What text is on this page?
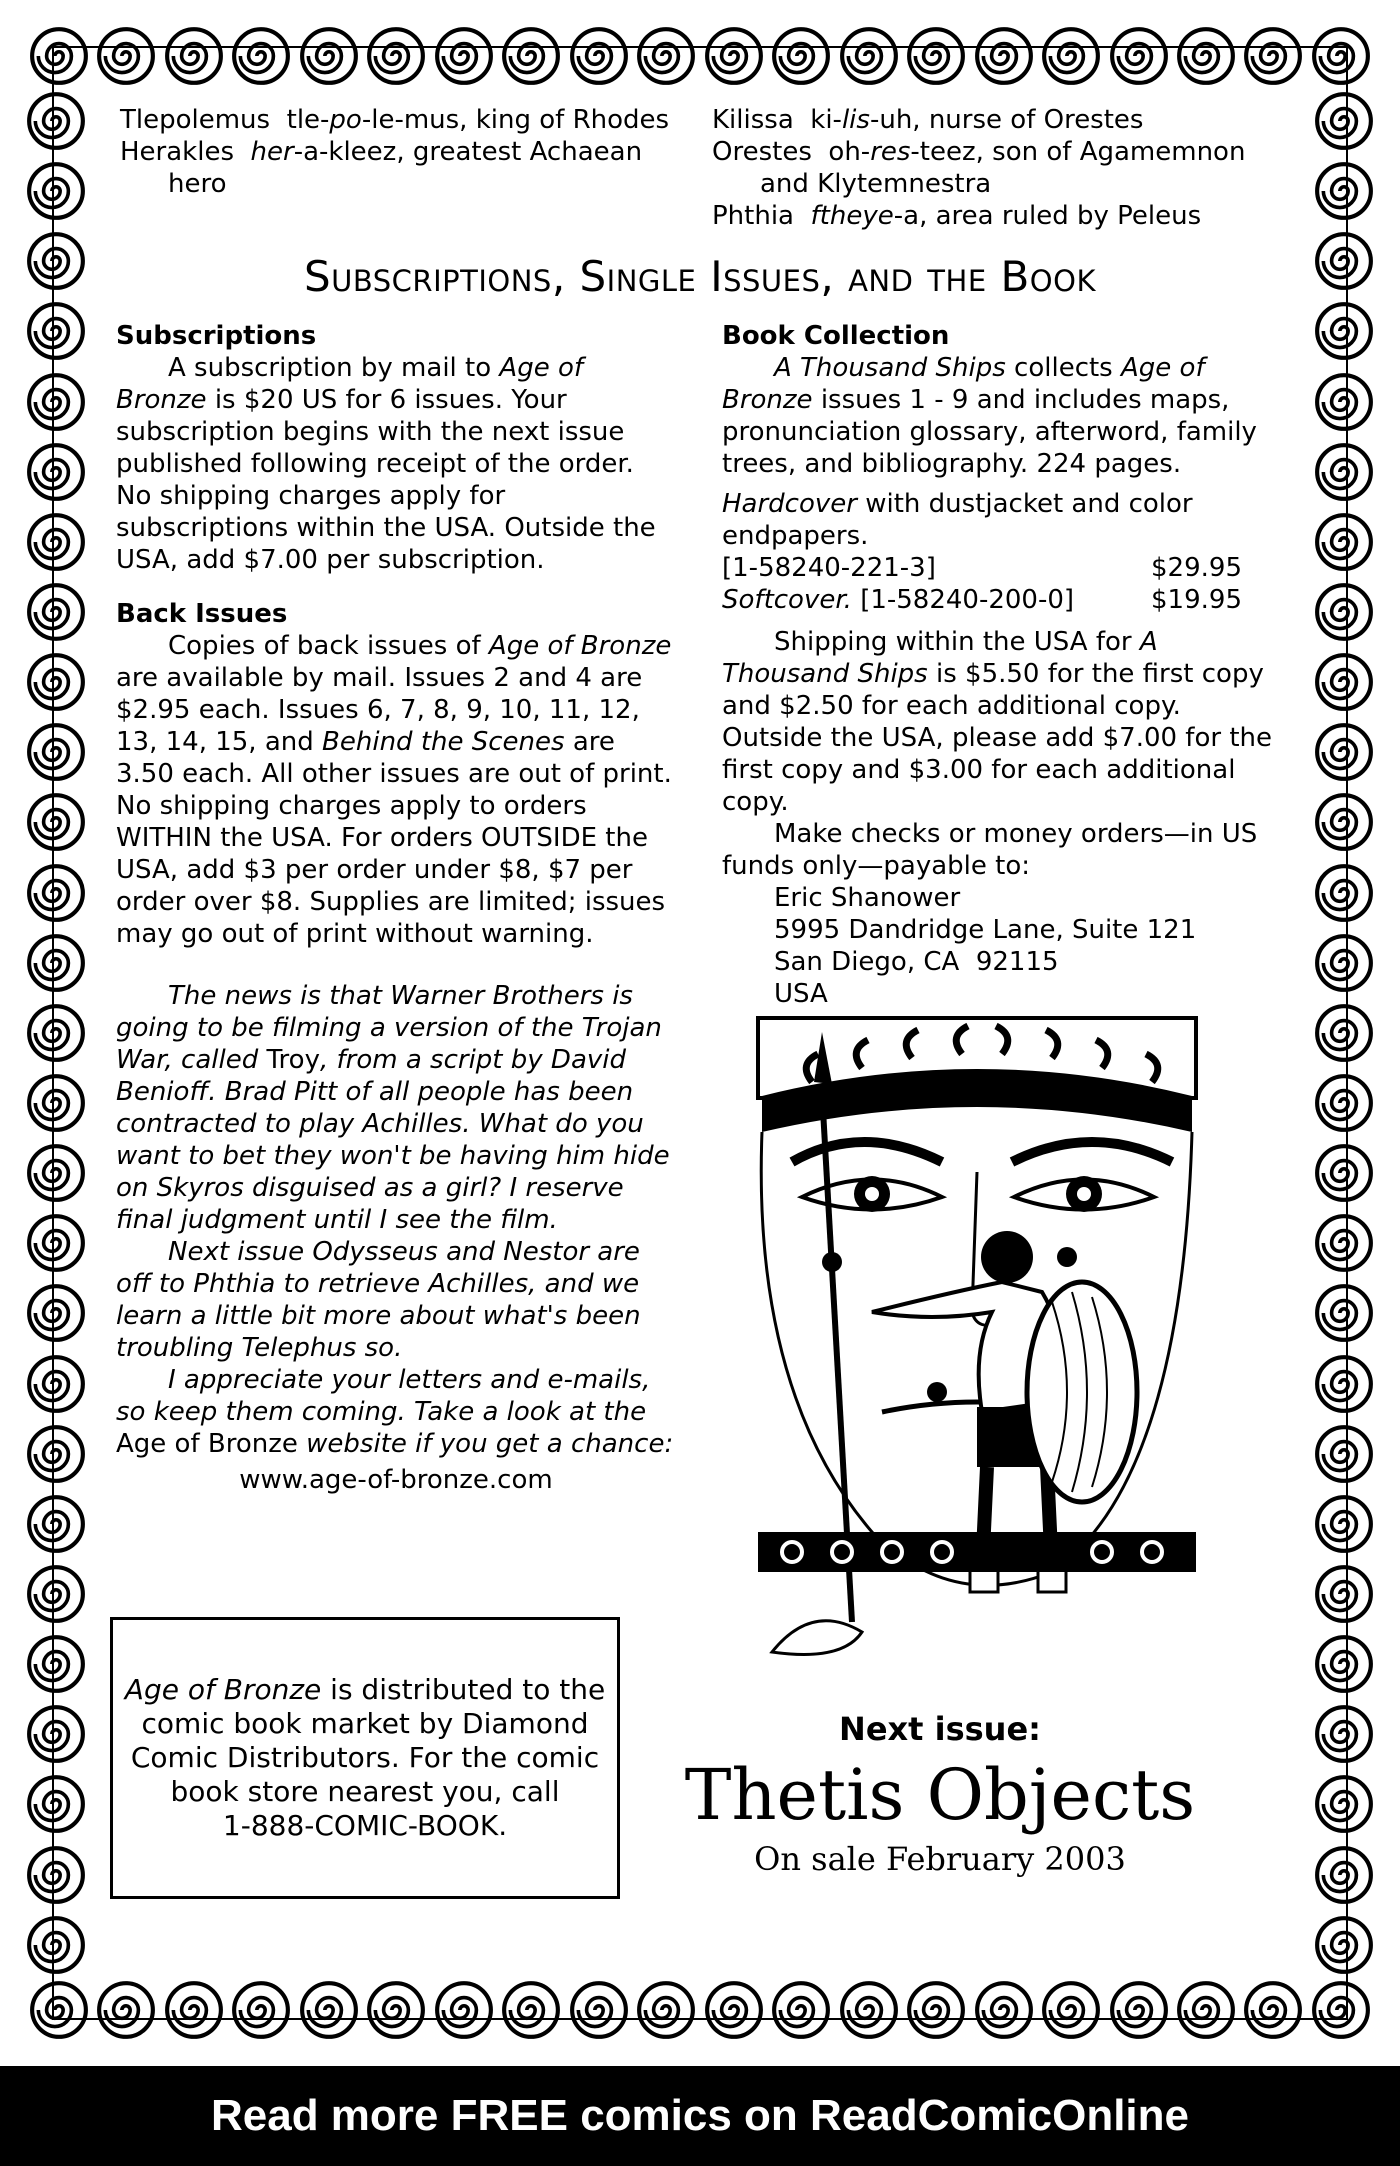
Tlepolemus tle-po-le-mus, king of Rhodes

Herakles her-a-kleez, greatest Achaean hero

Kilissa ki-lis-uh, nurse of Orestes

Orestes oh-res-teez, son of Agamemnon and Klytemnestra

Phthia ftheye-a, area ruled by Peleus

Subscriptions, Single Issues, and the Book

Subscriptions

A subscription by mail to Age of Bronze is $20 US for 6 issues. Your subscription begins with the next issue published following receipt of the order. No shipping charges apply for subscriptions within the USA. Outside the USA, add $7.00 per subscription.

Back Issues

Copies of back issues of Age of Bronze are available by mail. Issues 2 and 4 are $2.95 each. Issues 6, 7, 8, 9, 10, 11, 12, 13, 14, 15, and Behind the Scenes are 3.50 each. All other issues are out of print. No shipping charges apply to orders WITHIN the USA. For orders OUTSIDE the USA, add $3 per order under $8, $7 per order over $8. Supplies are limited; issues may go out of print without warning.

The news is that Warner Brothers is going to be filming a version of the Trojan War, called Troy, from a script by David Benioff. Brad Pitt of all people has been contracted to play Achilles. What do you want to bet they won't be having him hide on Skyros disguised as a girl? I reserve final judgment until I see the film.

Next issue Odysseus and Nestor are off to Phthia to retrieve Achilles, and we learn a little bit more about what's been troubling Telephus so.

I appreciate your letters and e-mails, so keep them coming. Take a look at the Age of Bronze website if you get a chance:

www.age-of-bronze.com

Book Collection

A Thousand Ships collects Age of Bronze issues 1 - 9 and includes maps, pronunciation glossary, afterword, family trees, and bibliography. 224 pages.

Hardcover with dustjacket and color endpapers.

[1-58240-221-3]	$29.95
Softcover. [1-58240-200-0]	$19.95

Shipping within the USA for A Thousand Ships is $5.50 for the first copy and $2.50 for each additional copy. Outside the USA, please add $7.00 for the first copy and $3.00 for each additional copy.

Make checks or money orders—in US funds only—payable to:

Eric Shanower

5995 Dandridge Lane, Suite 121

San Diego, CA  92115

USA

Age of Bronze is distributed to the comic book market by Diamond Comic Distributors. For the comic book store nearest you, call
1-888-COMIC-BOOK.

Next issue:
Thetis Objects
On sale February 2003
Read more FREE comics on ReadComicOnline
